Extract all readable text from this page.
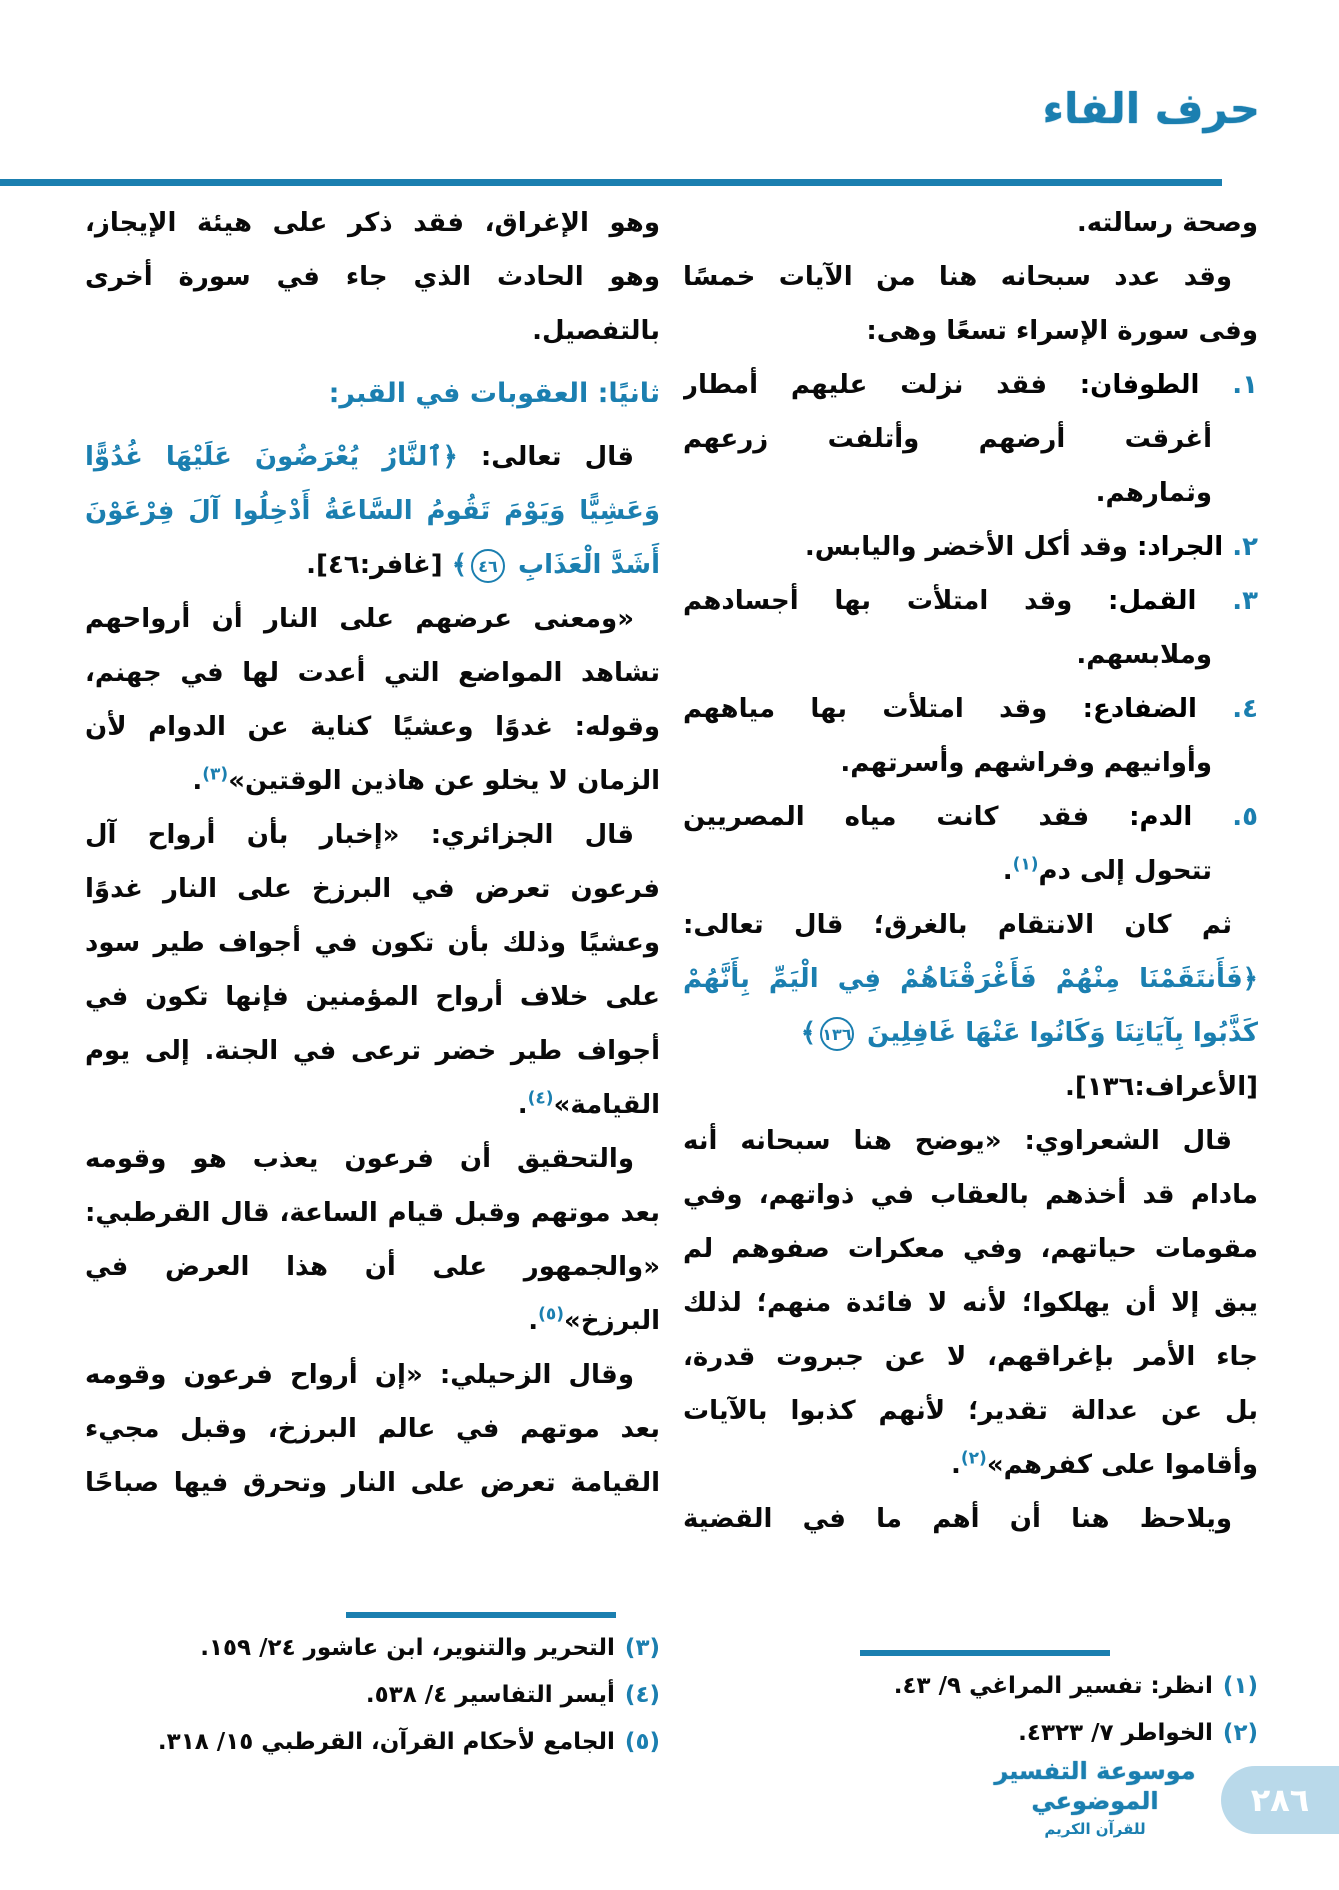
حرف الفاء
وصحة رسالته.
وقد عدد سبحانه هنا من الآيات خمسًا
وفى سورة الإسراء تسعًا وهى:
١. الطوفان: فقد نزلت عليهم أمطار
أغرقت أرضهم وأتلفت زرعهم
وثمارهم.
٢. الجراد: وقد أكل الأخضر واليابس.
٣. القمل: وقد امتلأت بها أجسادهم
وملابسهم.
٤. الضفادع: وقد امتلأت بها مياههم
وأوانيهم وفراشهم وأسرتهم.
٥. الدم: فقد كانت مياه المصريين
تتحول إلى دم$^{(١)}$.
ثم كان الانتقام بالغرق؛ قال تعالى:
﴿فَأَنتَقَمْنَا مِنْهُمْ فَأَغْرَقْنَاهُمْ فِي الْيَمِّ بِأَنَّهُمْ
كَذَّبُوا بِآيَاتِنَا وَكَانُوا عَنْهَا غَافِلِينَ ١٣٦﴾
[الأعراف:١٣٦].
قال الشعراوي: «يوضح هنا سبحانه أنه
مادام قد أخذهم بالعقاب في ذواتهم، وفي
مقومات حياتهم، وفي معكرات صفوهم لم
يبق إلا أن يهلكوا؛ لأنه لا فائدة منهم؛ لذلك
جاء الأمر بإغراقهم، لا عن جبروت قدرة،
بل عن عدالة تقدير؛ لأنهم كذبوا بالآيات
وأقاموا على كفرهم»$^{(٢)}$.
ويلاحظ هنا أن أهم ما في القضية
وهو الإغراق، فقد ذكر على هيئة الإيجاز،
وهو الحادث الذي جاء في سورة أخرى
بالتفصيل.
ثانيًا: العقوبات في القبر:
قال تعالى: ﴿ٱلنَّارُ يُعْرَضُونَ عَلَيْهَا غُدُوًّا
وَعَشِيًّا وَيَوْمَ تَقُومُ السَّاعَةُ أَدْخِلُوا آلَ فِرْعَوْنَ
أَشَدَّ الْعَذَابِ ٤٦﴾ [غافر:٤٦].
«ومعنى عرضهم على النار أن أرواحهم
تشاهد المواضع التي أعدت لها في جهنم،
وقوله: غدوًا وعشيًا كناية عن الدوام لأن
الزمان لا يخلو عن هاذين الوقتين»$^{(٣)}$.
قال الجزائري: «إخبار بأن أرواح آل
فرعون تعرض في البرزخ على النار غدوًا
وعشيًا وذلك بأن تكون في أجواف طير سود
على خلاف أرواح المؤمنين فإنها تكون في
أجواف طير خضر ترعى في الجنة. إلى يوم
القيامة»$^{(٤)}$.
والتحقيق أن فرعون يعذب هو وقومه
بعد موتهم وقبل قيام الساعة، قال القرطبي:
«والجمهور على أن هذا العرض في
البرزخ»$^{(٥)}$.
وقال الزحيلي: «إن أرواح فرعون وقومه
بعد موتهم في عالم البرزخ، وقبل مجيء
القيامة تعرض على النار وتحرق فيها صباحًا
(١)انظر: تفسير المراغي ٩/ ٤٣.
(٢)الخواطر ٧/ ٤٣٢٣.
(٣)التحرير والتنوير، ابن عاشور ٢٤/ ١٥٩.
(٤)أيسر التفاسير ٤/ ٥٣٨.
(٥)الجامع لأحكام القرآن، القرطبي ١٥/ ٣١٨.
موسوعة التفسير الموضوعي
للقرآن الكريم
٢٨٦
